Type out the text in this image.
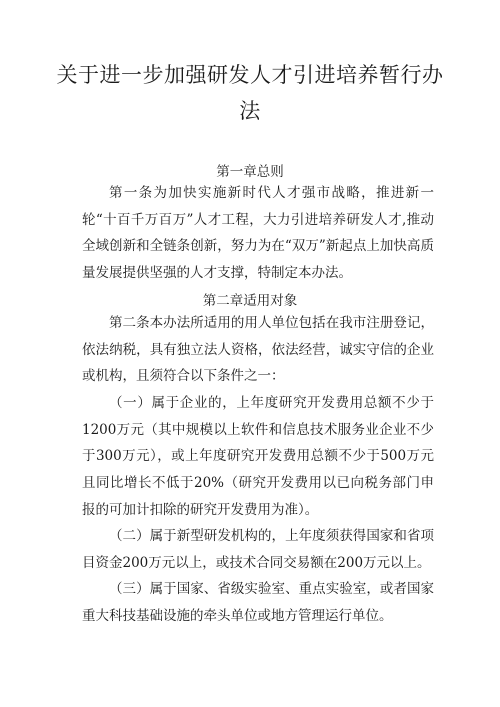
关于进一步加强研发人才引进培养暂行办
法
第一章总则

第一条为加快实施新时代人才强市战略，推进新一轮“十百千万百万”人才工程，大力引进培养研发人才,推动全域创新和全链条创新，努力为在“双万”新起点上加快高质量发展提供坚强的人才支撑，特制定本办法。

第二章适用对象

第二条本办法所适用的用人单位包括在我市注册登记，依法纳税，具有独立法人资格，依法经营，诚实守信的企业或机构，且须符合以下条件之一：

（一）属于企业的，上年度研究开发费用总额不少于1200万元（其中规模以上软件和信息技术服务业企业不少于300万元），或上年度研究开发费用总额不少于500万元且同比增长不低于20%（研究开发费用以已向税务部门申报的可加计扣除的研究开发费用为准）。

（二）属于新型研发机构的，上年度须获得国家和省项目资金200万元以上，或技术合同交易额在200万元以上。

（三）属于国家、省级实验室、重点实验室，或者国家重大科技基础设施的牵头单位或地方管理运行单位。
